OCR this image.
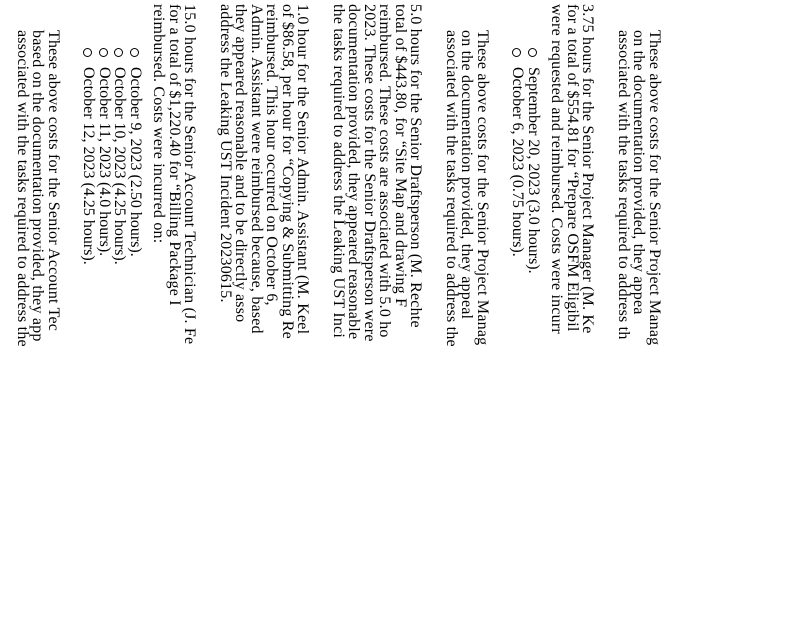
These above costs for the Senior Project Manag
on the documentation provided, they appea
associated with the tasks required to address th
3.75 hours for the Senior Project Manager (M. Ke
for a total of $554.81 for “Prepare OSFM Eligibil
were requested and reimbursed. Costs were incurr
September 20, 2023 (3.0 hours).
October 6, 2023 (0.75 hours).
These above costs for the Senior Project Manag
on the documentation provided, they appeal
associated with the tasks required to address the
5.0 hours for the Senior Draftsperson (M. Rechte
total of $443.80, for “Site Map and drawing F
reimbursed. These costs are associated with 5.0 ho
2023. These costs for the Senior Draftsperson were
documentation provided, they appeared reasonable
the tasks required to address the Leaking UST Inci
1.0 hour for the Senior Admin. Assistant (M. Keel
of $86.58, per hour for “Copying & Submitting Re
reimbursed. This hour occurred on October 6,
Admin. Assistant were reimbursed because, based
they appeared reasonable and to be directly asso
address the Leaking UST Incident 20230615.
15.0 hours for the Senior Account Technician (J. Fe
for a total of $1,220.40 for “Billing Package I
reimbursed. Costs were incurred on:
October 9, 2023 (2.50 hours).
October 10, 2023 (4.25 hours).
October 11, 2023 (4.0 hours).
October 12, 2023 (4.25 hours).
These above costs for the Senior Account Tec
based on the documentation provided, they app
associated with the tasks required to address the
